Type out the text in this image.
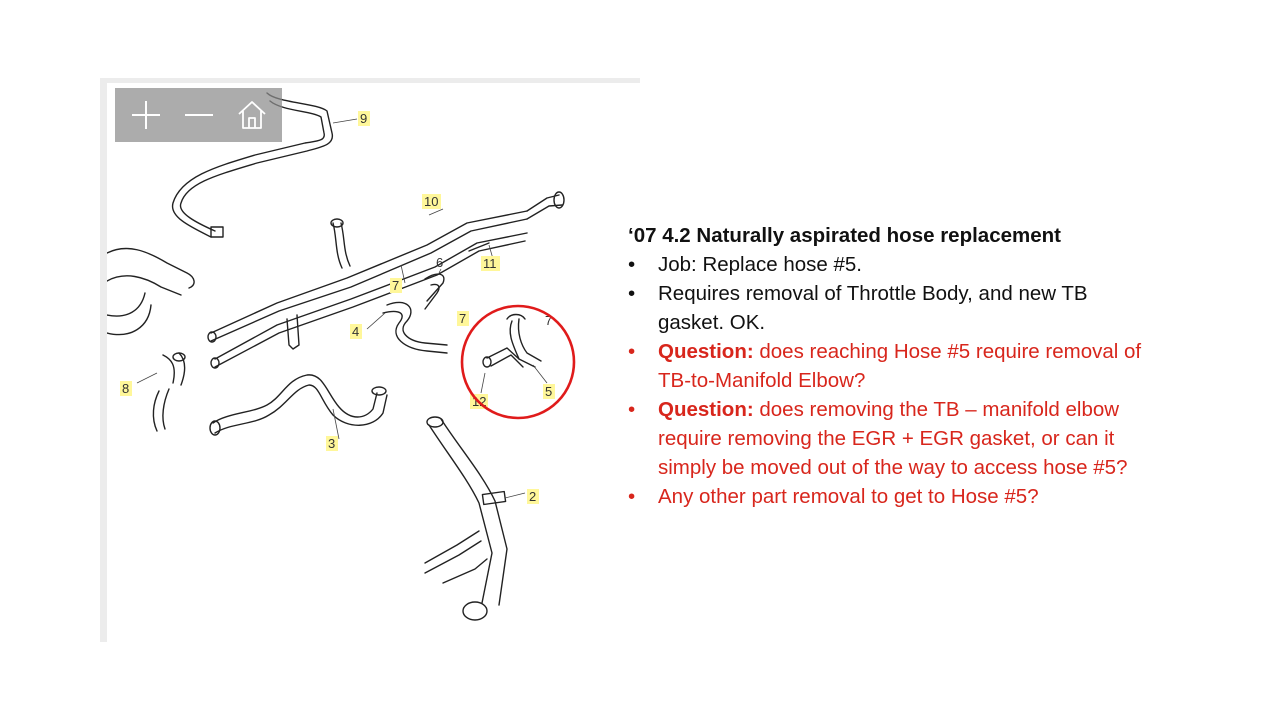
9
10
11
6
7
7
4
8
3
5
12
2
7
‘07 4.2 Naturally aspirated hose replacement
• Job: Replace hose #5.
• Requires removal of Throttle Body, and new TB gasket. OK.
• Question: does reaching Hose #5 require removal of TB-to-Manifold Elbow?
• Question: does removing the TB – manifold elbow require removing the EGR + EGR gasket, or can it simply be moved out of the way to access hose #5?
• Any other part removal to get to Hose #5?
